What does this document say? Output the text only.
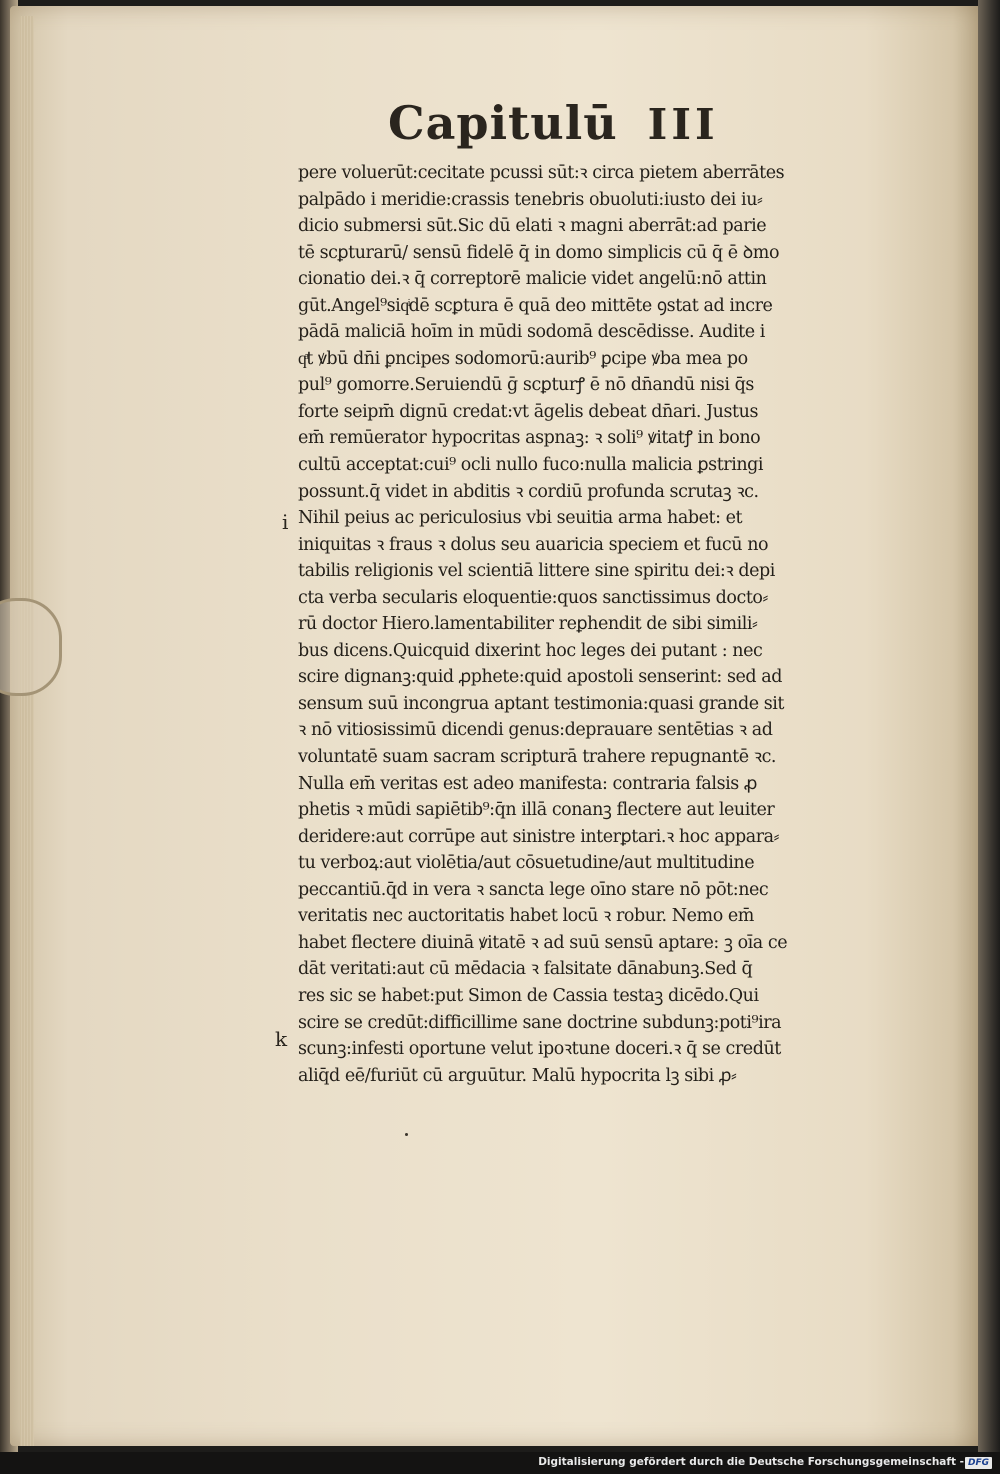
Capitulū III
pere voluerūt:cecitate pcussi sūt:ꝛ circa pietem aberrātes
palpādo i meridie:crassis tenebris obuoluti:iusto dei iu⸗
dicio submersi sūt.Sic dū elati ꝛ magni aberrāt:ad parie
tē scꝑturarū/ sensū fidelē q̄ in domo simplicis cū q̄ ē ꝺmo
cionatio dei.ꝛ q̄ correptorē malicie videt angelū:nō attin
gūt.Angel⁹siqͥdē scꝑtura ē quā deo mittēte ꝯstat ad incre
pādā maliciā hoīm in mūdi sodomā descēdisse. Audite i
qͣt ꝟbū dn̄i ꝑncipes sodomorū:aurib⁹ ꝑcipe ꝟba mea po
pul⁹ gomorre.Seruiendū ḡ scꝑturꝭ ē nō dn̄andū nisi q̄s
forte seipm̄ dignū credat:vt āgelis debeat dn̄ari. Justus
em̄ remūerator hypocritas aspnaꝫ: ꝛ soli⁹ ꝟitatꝭ in bono
cultū acceptat:cui⁹ ocli nullo fuco:nulla malicia ꝑstringi
possunt.q̄ videt in abditis ꝛ cordiū profunda scrutaꝫ ꝛc.
Nihil peius ac periculosius vbi seuitia arma habet: et
iniquitas ꝛ fraus ꝛ dolus seu auaricia speciem et fucū no
tabilis religionis vel scientiā littere sine spiritu dei:ꝛ depi
cta verba secularis eloquentie:quos sanctissimus docto⸗
rū doctor Hiero.lamentabiliter reꝑhendit de sibi simili⸗
bus dicens.Quicquid dixerint hoc leges dei putant : nec
scire dignanꝫ:quid ꝓphete:quid apostoli senserint: sed ad
sensum suū incongrua aptant testimonia:quasi grande sit
ꝛ nō vitiosissimū dicendi genus:deprauare sentētias ꝛ ad
voluntatē suam sacram scripturā trahere repugnantē ꝛc.
Nulla em̄ veritas est adeo manifesta: contraria falsis ꝓ
phetis ꝛ mūdi sapiētib⁹:q̄n illā conanꝫ flectere aut leuiter
deridere:aut corrūpe aut sinistre interꝑtari.ꝛ hoc appara⸗
tu verboꝝ:aut violētia/aut cōsuetudine/aut multitudine
peccantiū.q̄d in vera ꝛ sancta lege oīno stare nō pōt:nec
veritatis nec auctoritatis habet locū ꝛ robur. Nemo em̄
habet flectere diuinā ꝟitatē ꝛ ad suū sensū aptare: ꝫ oīa ce
dāt veritati:aut cū mēdacia ꝛ falsitate dānabunꝫ.Sed q̄
res sic se habet:put Simon de Cassia testaꝫ dicēdo.Qui
scire se credūt:difficillime sane doctrine subdunꝫ:poti⁹ira
scunꝫ:infesti oportune velut ipoꝛtune doceri.ꝛ q̄ se credūt
aliq̄d eē/furiūt cū arguūtur. Malū hypocrita lꝫ sibi ꝓ⸗
i
k
Digitalisierung gefördert durch die Deutsche Forschungsgemeinschaft - DFG
